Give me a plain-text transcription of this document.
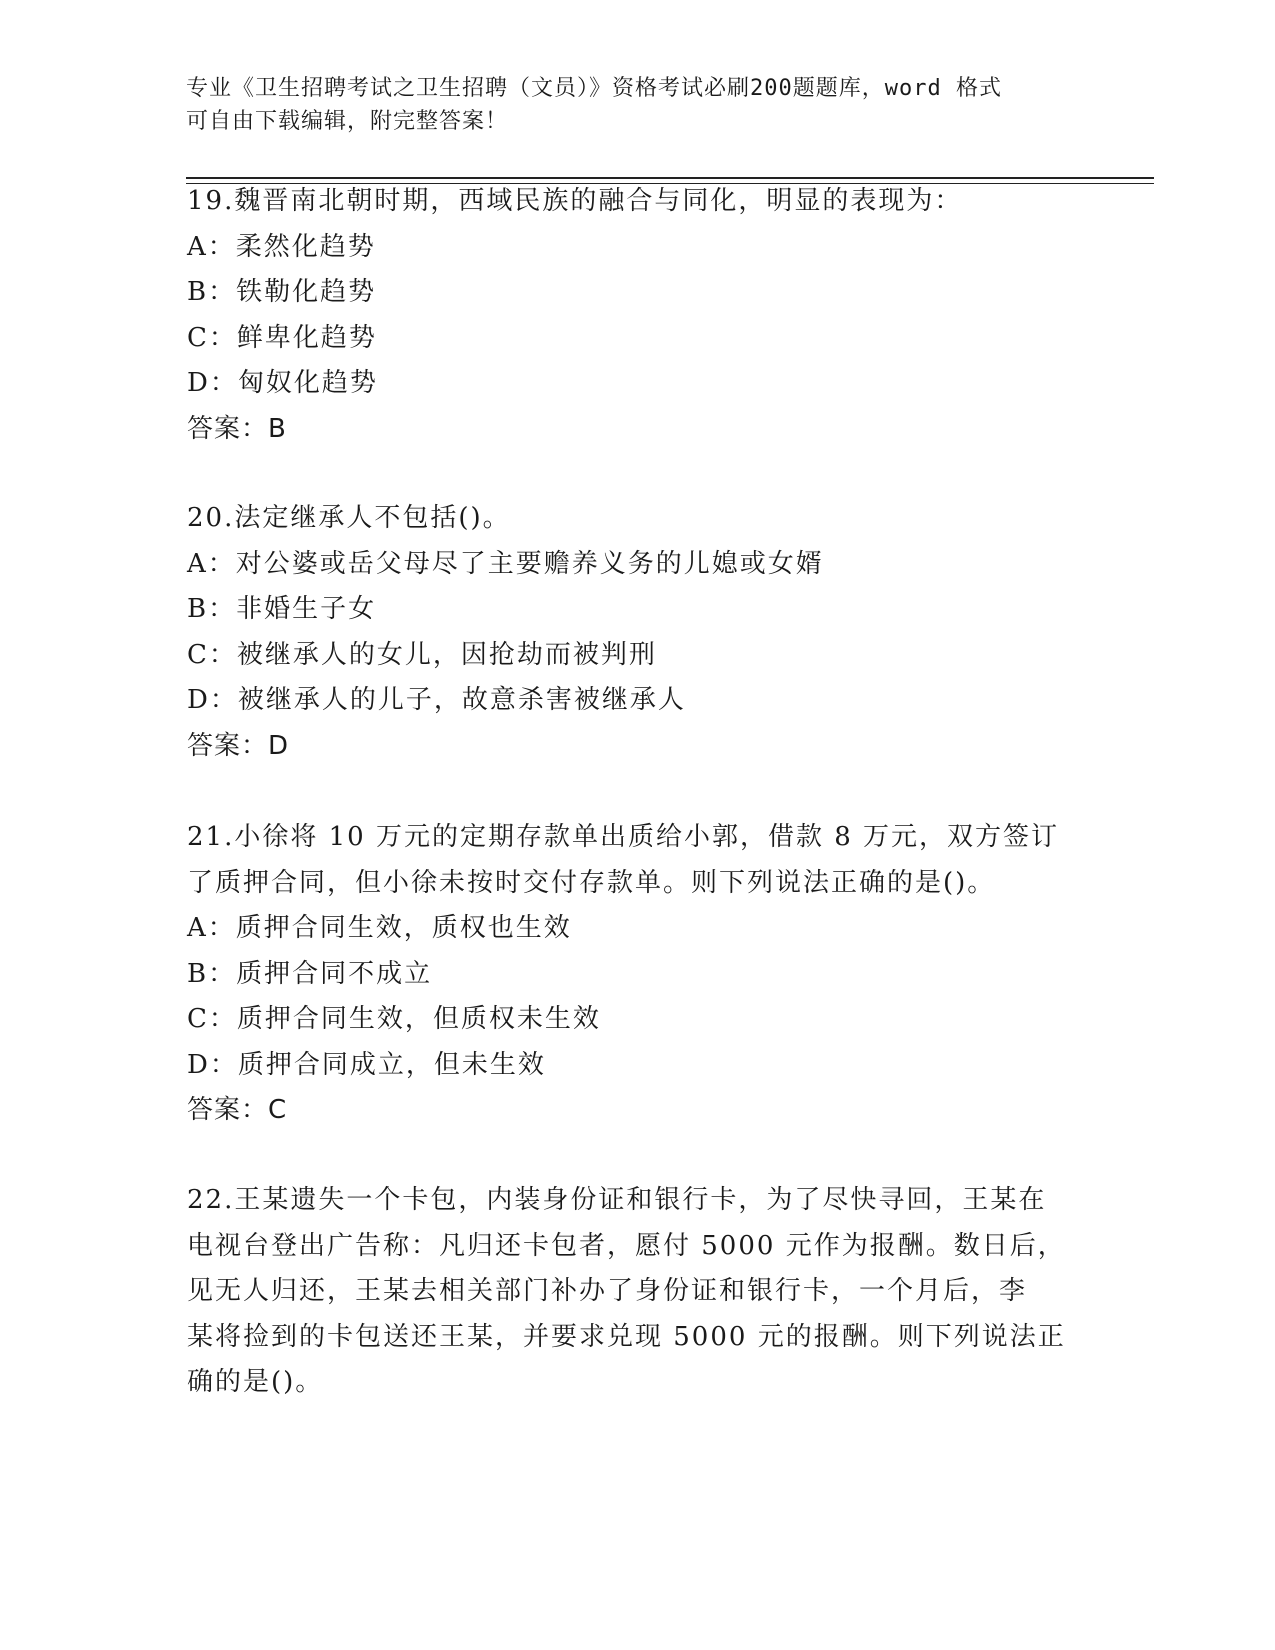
专业《卫生招聘考试之卫生招聘（文员）》资格考试必刷200题题库，word 格式
可自由下载编辑，附完整答案！
19.魏晋南北朝时期，西域民族的融合与同化，明显的表现为：
A：柔然化趋势
B：铁勒化趋势
C：鲜卑化趋势
D：匈奴化趋势
答案：B
20.法定继承人不包括()。
A：对公婆或岳父母尽了主要赡养义务的儿媳或女婿
B：非婚生子女
C：被继承人的女儿，因抢劫而被判刑
D：被继承人的儿子，故意杀害被继承人
答案：D
21.小徐将 10 万元的定期存款单出质给小郭，借款 8 万元，双方签订
了质押合同，但小徐未按时交付存款单。则下列说法正确的是()。
A：质押合同生效，质权也生效
B：质押合同不成立
C：质押合同生效，但质权未生效
D：质押合同成立，但未生效
答案：C
22.王某遗失一个卡包，内装身份证和银行卡，为了尽快寻回，王某在
电视台登出广告称：凡归还卡包者，愿付 5000 元作为报酬。数日后，
见无人归还，王某去相关部门补办了身份证和银行卡，一个月后，李
某将捡到的卡包送还王某，并要求兑现 5000 元的报酬。则下列说法正
确的是()。
